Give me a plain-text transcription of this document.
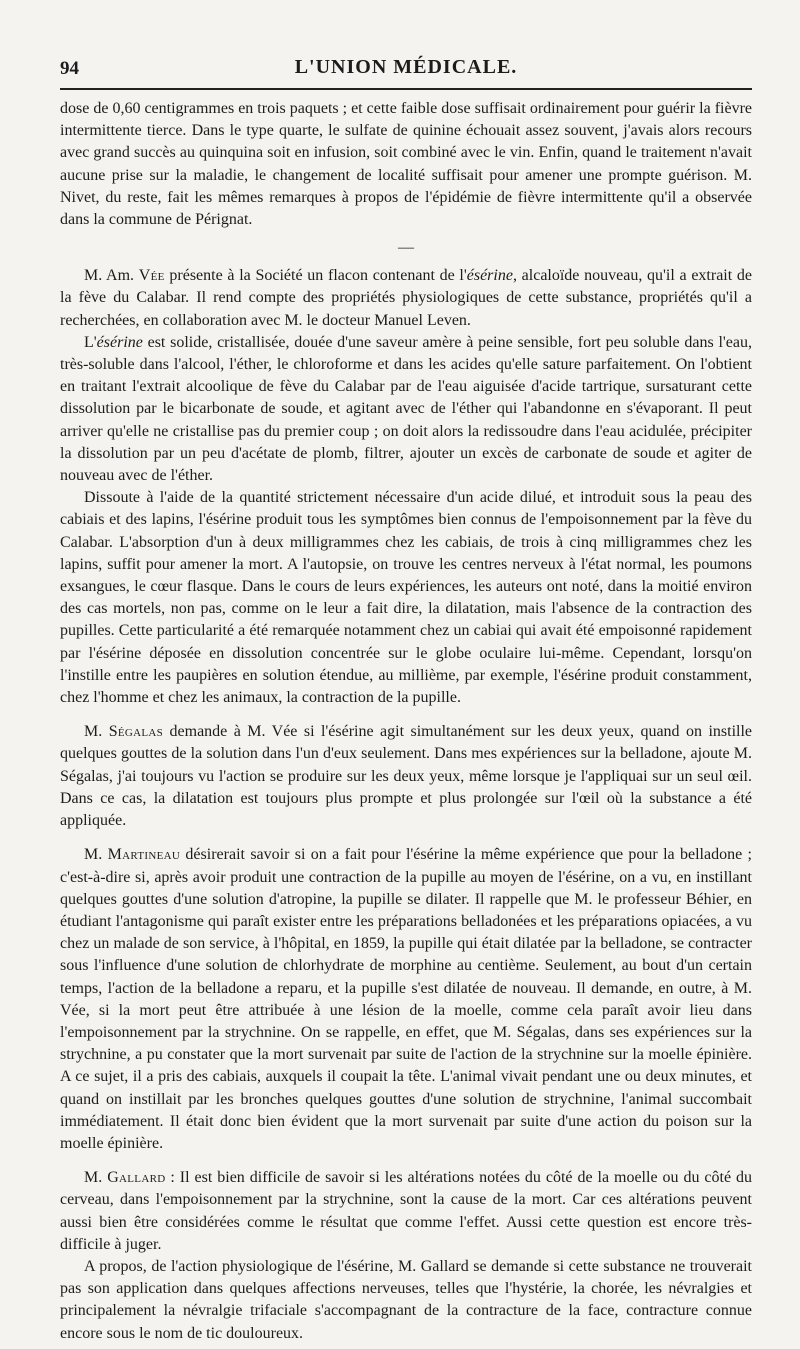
94	L'UNION MÉDICALE.

dose de 0,60 centigrammes en trois paquets ; et cette faible dose suffisait ordinairement pour guérir la fièvre intermittente tierce. Dans le type quarte, le sulfate de quinine échouait assez souvent, j'avais alors recours avec grand succès au quinquina soit en infusion, soit combiné avec le vin. Enfin, quand le traitement n'avait aucune prise sur la maladie, le changement de localité suffisait pour amener une prompte guérison. M. Nivet, du reste, fait les mêmes remarques à propos de l'épidémie de fièvre intermittente qu'il a observée dans la commune de Pérignat.

—

M. Am. Vée présente à la Société un flacon contenant de l'ésérine, alcaloïde nouveau, qu'il a extrait de la fève du Calabar. Il rend compte des propriétés physiologiques de cette substance, propriétés qu'il a recherchées, en collaboration avec M. le docteur Manuel Leven.

L'ésérine est solide, cristallisée, douée d'une saveur amère à peine sensible, fort peu soluble dans l'eau, très-soluble dans l'alcool, l'éther, le chloroforme et dans les acides qu'elle sature parfaitement. On l'obtient en traitant l'extrait alcoolique de fève du Calabar par de l'eau aiguisée d'acide tartrique, sursaturant cette dissolution par le bicarbonate de soude, et agitant avec de l'éther qui l'abandonne en s'évaporant. Il peut arriver qu'elle ne cristallise pas du premier coup ; on doit alors la redissoudre dans l'eau acidulée, précipiter la dissolution par un peu d'acétate de plomb, filtrer, ajouter un excès de carbonate de soude et agiter de nouveau avec de l'éther.

Dissoute à l'aide de la quantité strictement nécessaire d'un acide dilué, et introduit sous la peau des cabiais et des lapins, l'ésérine produit tous les symptômes bien connus de l'empoisonnement par la fève du Calabar. L'absorption d'un à deux milligrammes chez les cabiais, de trois à cinq milligrammes chez les lapins, suffit pour amener la mort. A l'autopsie, on trouve les centres nerveux à l'état normal, les poumons exsangues, le cœur flasque. Dans le cours de leurs expériences, les auteurs ont noté, dans la moitié environ des cas mortels, non pas, comme on le leur a fait dire, la dilatation, mais l'absence de la contraction des pupilles. Cette particularité a été remarquée notamment chez un cabiai qui avait été empoisonné rapidement par l'ésérine déposée en dissolution concentrée sur le globe oculaire lui-même. Cependant, lorsqu'on l'instille entre les paupières en solution étendue, au millième, par exemple, l'ésérine produit constamment, chez l'homme et chez les animaux, la contraction de la pupille.

M. Ségalas demande à M. Vée si l'ésérine agit simultanément sur les deux yeux, quand on instille quelques gouttes de la solution dans l'un d'eux seulement. Dans mes expériences sur la belladone, ajoute M. Ségalas, j'ai toujours vu l'action se produire sur les deux yeux, même lorsque je l'appliquai sur un seul œil. Dans ce cas, la dilatation est toujours plus prompte et plus prolongée sur l'œil où la substance a été appliquée.

M. Martineau désirerait savoir si on a fait pour l'ésérine la même expérience que pour la belladone ; c'est-à-dire si, après avoir produit une contraction de la pupille au moyen de l'ésérine, on a vu, en instillant quelques gouttes d'une solution d'atropine, la pupille se dilater. Il rappelle que M. le professeur Béhier, en étudiant l'antagonisme qui paraît exister entre les préparations belladonées et les préparations opiacées, a vu chez un malade de son service, à l'hôpital, en 1859, la pupille qui était dilatée par la belladone, se contracter sous l'influence d'une solution de chlorhydrate de morphine au centième. Seulement, au bout d'un certain temps, l'action de la belladone a reparu, et la pupille s'est dilatée de nouveau. Il demande, en outre, à M. Vée, si la mort peut être attribuée à une lésion de la moelle, comme cela paraît avoir lieu dans l'empoisonnement par la strychnine. On se rappelle, en effet, que M. Ségalas, dans ses expériences sur la strychnine, a pu constater que la mort survenait par suite de l'action de la strychnine sur la moelle épinière. A ce sujet, il a pris des cabiais, auxquels il coupait la tête. L'animal vivait pendant une ou deux minutes, et quand on instillait par les bronches quelques gouttes d'une solution de strychnine, l'animal succombait immédiatement. Il était donc bien évident que la mort survenait par suite d'une action du poison sur la moelle épinière.

M. Gallard : Il est bien difficile de savoir si les altérations notées du côté de la moelle ou du côté du cerveau, dans l'empoisonnement par la strychnine, sont la cause de la mort. Car ces altérations peuvent aussi bien être considérées comme le résultat que comme l'effet. Aussi cette question est encore très-difficile à juger.

A propos, de l'action physiologique de l'ésérine, M. Gallard se demande si cette substance ne trouverait pas son application dans quelques affections nerveuses, telles que l'hystérie, la chorée, les névralgies et principalement la névralgie trifaciale s'accompagnant de la contracture de la face, contracture connue encore sous le nom de tic douloureux.
